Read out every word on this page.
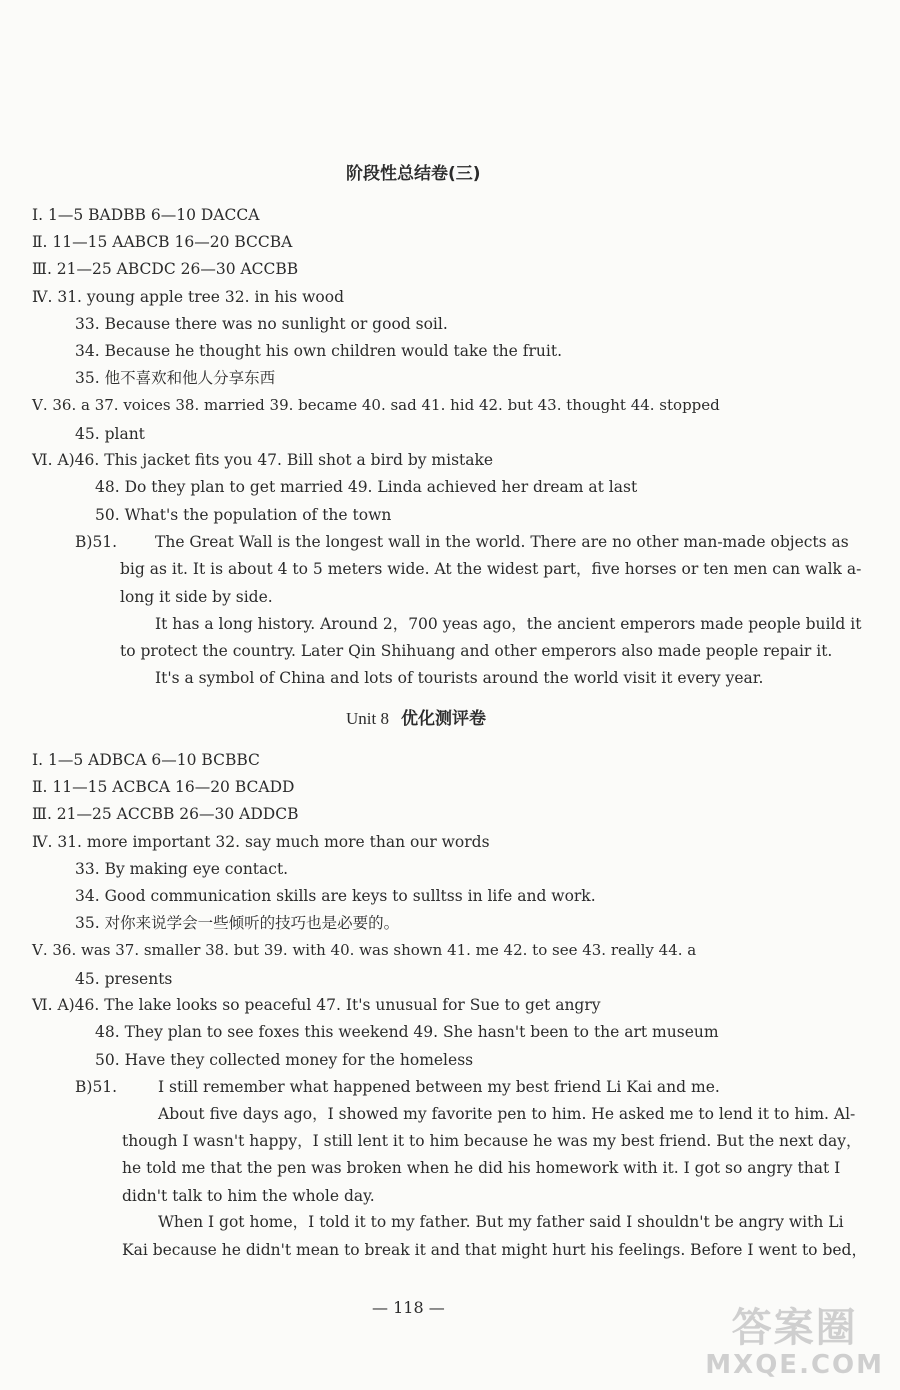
阶段性总结卷(三)
Ⅰ. 1—5 BADBB 6—10 DACCA
Ⅱ. 11—15 AABCB 16—20 BCCBA
Ⅲ. 21—25 ABCDC 26—30 ACCBB
Ⅳ. 31. young apple tree 32. in his wood
33. Because there was no sunlight or good soil.
34. Because he thought his own children would take the fruit.
35. 他不喜欢和他人分享东西
Ⅴ. 36. a 37. voices 38. married 39. became 40. sad 41. hid 42. but 43. thought 44. stopped
45. plant
Ⅵ. A)46. This jacket fits you 47. Bill shot a bird by mistake
48. Do they plan to get married 49. Linda achieved her dream at last
50. What's the population of the town
B)51. The Great Wall is the longest wall in the world. There are no other man-made objects as
big as it. It is about 4 to 5 meters wide. At the widest part，five horses or ten men can walk a-
long it side by side.
It has a long history. Around 2，700 yeas ago，the ancient emperors made people build it
to protect the country. Later Qin Shihuang and other emperors also made people repair it.
It's a symbol of China and lots of tourists around the world visit it every year.
Unit 8 优化测评卷
Ⅰ. 1—5 ADBCA 6—10 BCBBC
Ⅱ. 11—15 ACBCA 16—20 BCADD
Ⅲ. 21—25 ACCBB 26—30 ADDCB
Ⅳ. 31. more important 32. say much more than our words
33. By making eye contact.
34. Good communication skills are keys to sulltss in life and work.
35. 对你来说学会一些倾听的技巧也是必要的。
Ⅴ. 36. was 37. smaller 38. but 39. with 40. was shown 41. me 42. to see 43. really 44. a
45. presents
Ⅵ. A)46. The lake looks so peaceful 47. It's unusual for Sue to get angry
48. They plan to see foxes this weekend 49. She hasn't been to the art museum
50. Have they collected money for the homeless
B)51.	I still remember what happened between my best friend Li Kai and me.
About five days ago，I showed my favorite pen to him. He asked me to lend it to him. Al-
though I wasn't happy，I still lent it to him because he was my best friend. But the next day，
he told me that the pen was broken when he did his homework with it. I got so angry that I
didn't talk to him the whole day.
When I got home，I told it to my father. But my father said I shouldn't be angry with Li
Kai because he didn't mean to break it and that might hurt his feelings. Before I went to bed，
— 118 —	答案圈
MXQE.COM
